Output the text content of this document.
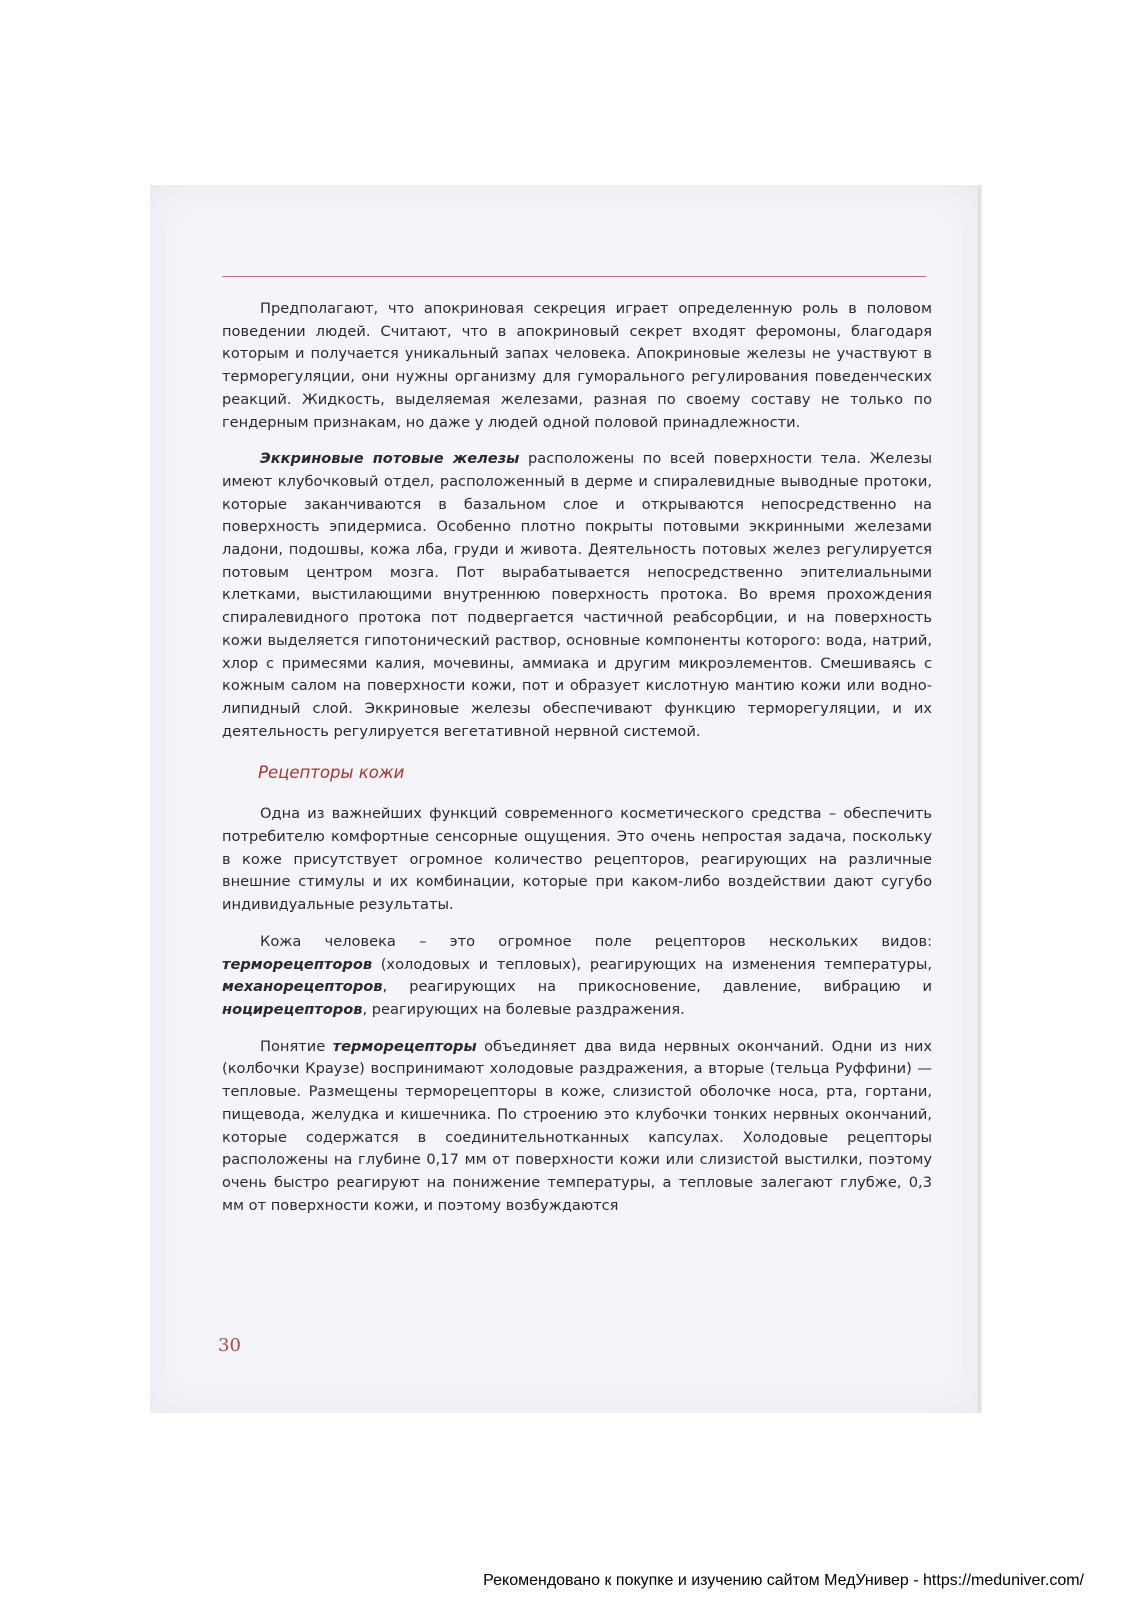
Предполагают, что апокриновая секреция играет определенную роль в половом поведении людей. Считают, что в апокриновый секрет входят феромоны, благодаря которым и получается уникальный запах человека. Апокриновые железы не участвуют в терморегуляции, они нужны организму для гуморального регулирования поведенческих реакций. Жидкость, выделяемая железами, разная по своему составу не только по гендерным признакам, но даже у людей одной половой принадлежности.

Эккриновые потовые железы расположены по всей поверхности тела. Железы имеют клубочковый отдел, расположенный в дерме и спиралевидные выводные протоки, которые заканчиваются в базальном слое и открываются непосредственно на поверхность эпидермиса. Особенно плотно покрыты потовыми эккринными железами ладони, подошвы, кожа лба, груди и живота. Деятельность потовых желез регулируется потовым центром мозга. Пот вырабатывается непосредственно эпителиальными клетками, выстилающими внутреннюю поверхность протока. Во время прохождения спиралевидного протока пот подвергается частичной реабсорбции, и на поверхность кожи выделяется гипотонический раствор, основные компоненты которого: вода, натрий, хлор с примесями калия, мочевины, аммиака и другим микроэлементов. Смешиваясь с кожным салом на поверхности кожи, пот и образует кислотную мантию кожи или водно-липидный слой. Эккриновые железы обеспечивают функцию терморегуляции, и их деятельность регулируется вегетативной нервной системой.

Рецепторы кожи

Одна из важнейших функций современного косметического средства – обеспечить потребителю комфортные сенсорные ощущения. Это очень непростая задача, поскольку в коже присутствует огромное количество рецепторов, реагирующих на различные внешние стимулы и их комбинации, которые при каком-либо воздействии дают сугубо индивидуальные результаты.

Кожа человека – это огромное поле рецепторов нескольких видов: терморецепторов (холодовых и тепловых), реагирующих на изменения температуры, механорецепторов, реагирующих на прикосновение, давление, вибрацию и ноцирецепторов, реагирующих на болевые раздражения.

Понятие терморецепторы объединяет два вида нервных окончаний. Одни из них (колбочки Краузе) воспринимают холодовые раздражения, а вторые (тельца Руффини) — тепловые. Размещены терморецепторы в коже, слизистой оболочке носа, рта, гортани, пищевода, желудка и кишечника. По строению это клубочки тонких нервных окончаний, которые содержатся в соединительнотканных капсулах. Холодовые рецепторы расположены на глубине 0,17 мм от поверхности кожи или слизистой выстилки, поэтому очень быстро реагируют на понижение температуры, а тепловые залегают глубже, 0,3 мм от поверхности кожи, и поэтому возбуждаются

30
Рекомендовано к покупке и изучению сайтом МедУнивер - https://meduniver.com/
